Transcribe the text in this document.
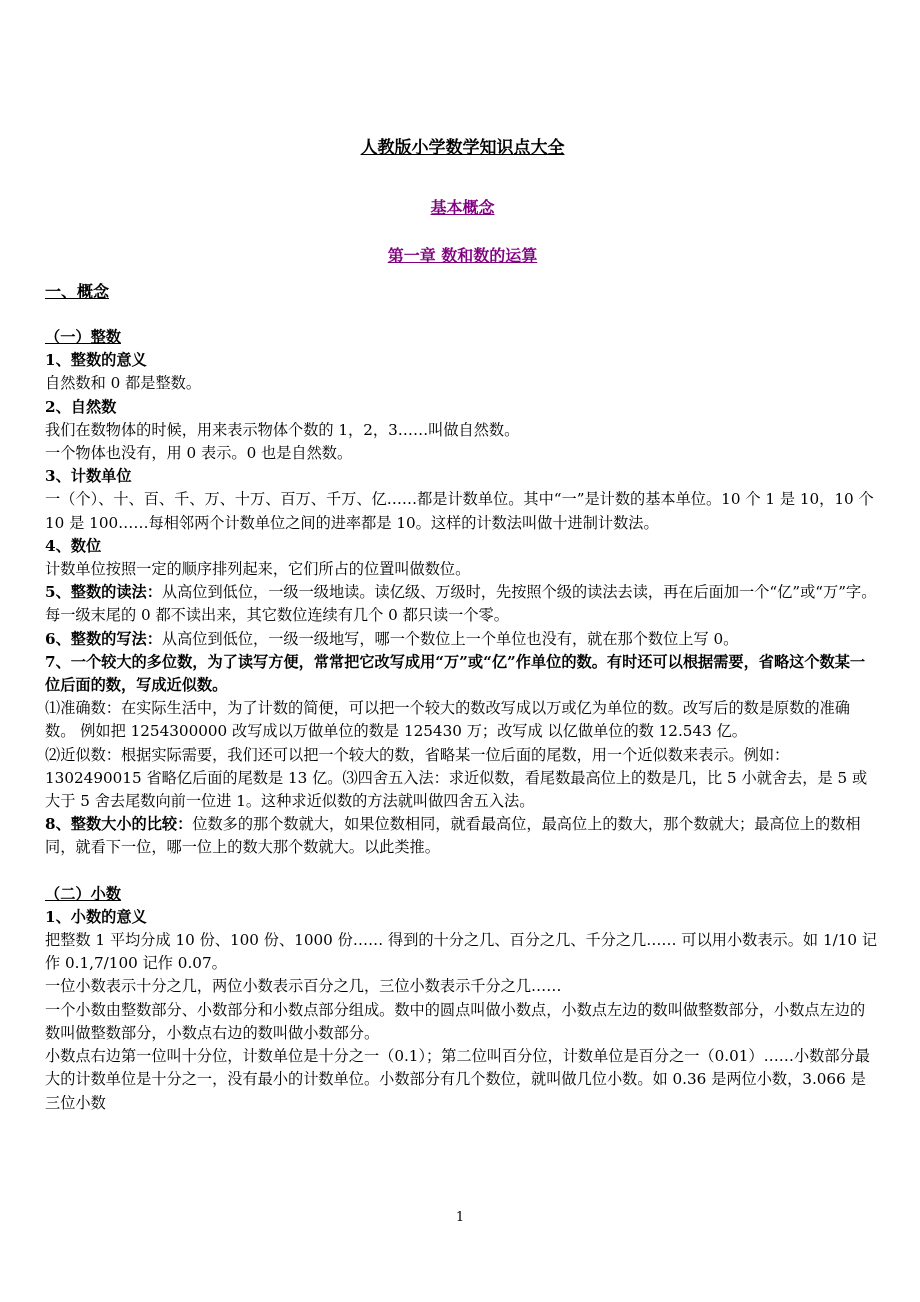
人教版小学数学知识点大全
基本概念
第一章 数和数的运算
一、概念

（一）整数

1、整数的意义

自然数和 0 都是整数。

2、自然数

我们在数物体的时候，用来表示物体个数的 1，2，3……叫做自然数。

一个物体也没有，用 0 表示。0 也是自然数。

3、计数单位

一（个）、十、百、千、万、十万、百万、千万、亿……都是计数单位。其中“一”是计数的基本单位。10 个 1 是 10，10 个 10 是 100……每相邻两个计数单位之间的进率都是 10。这样的计数法叫做十进制计数法。

4、数位

计数单位按照一定的顺序排列起来，它们所占的位置叫做数位。

5、整数的读法：从高位到低位，一级一级地读。读亿级、万级时，先按照个级的读法去读，再在后面加一个“亿”或“万”字。每一级末尾的 0 都不读出来，其它数位连续有几个 0 都只读一个零。

6、整数的写法：从高位到低位，一级一级地写，哪一个数位上一个单位也没有，就在那个数位上写 0。

7、一个较大的多位数，为了读写方便，常常把它改写成用“万”或“亿”作单位的数。有时还可以根据需要，省略这个数某一位后面的数，写成近似数。

⑴准确数：在实际生活中，为了计数的简便，可以把一个较大的数改写成以万或亿为单位的数。改写后的数是原数的准确数。 例如把 1254300000 改写成以万做单位的数是 125430 万；改写成 以亿做单位的数 12.543 亿。

⑵近似数：根据实际需要，我们还可以把一个较大的数，省略某一位后面的尾数，用一个近似数来表示。例如： 1302490015 省略亿后面的尾数是 13 亿。⑶四舍五入法：求近似数，看尾数最高位上的数是几，比 5 小就舍去，是 5 或大于 5 舍去尾数向前一位进 1。这种求近似数的方法就叫做四舍五入法。

8、整数大小的比较：位数多的那个数就大，如果位数相同，就看最高位，最高位上的数大，那个数就大；最高位上的数相同，就看下一位，哪一位上的数大那个数就大。以此类推。

（二）小数

1、小数的意义

把整数 1 平均分成 10 份、100 份、1000 份…… 得到的十分之几、百分之几、千分之几…… 可以用小数表示。如 1/10 记作 0.1,7/100 记作 0.07。

一位小数表示十分之几，两位小数表示百分之几，三位小数表示千分之几……

一个小数由整数部分、小数部分和小数点部分组成。数中的圆点叫做小数点，小数点左边的数叫做整数部分，小数点左边的数叫做整数部分，小数点右边的数叫做小数部分。

小数点右边第一位叫十分位，计数单位是十分之一（0.1）；第二位叫百分位，计数单位是百分之一（0.01）……小数部分最大的计数单位是十分之一，没有最小的计数单位。小数部分有几个数位，就叫做几位小数。如 0.36 是两位小数，3.066 是三位小数

1
